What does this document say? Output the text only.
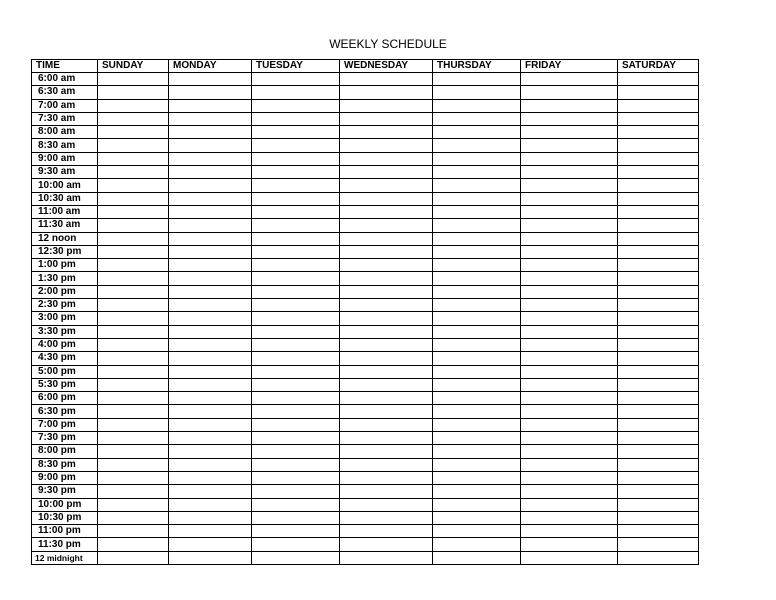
WEEKLY SCHEDULE
TIME	SUNDAY	MONDAY	TUESDAY	WEDNESDAY	THURSDAY	FRIDAY	SATURDAY
6:00 am							
6:30 am							
7:00 am							
7:30 am							
8:00 am							
8:30 am							
9:00 am							
9:30 am							
10:00 am							
10:30 am							
11:00 am							
11:30 am							
12 noon							
12:30 pm							
1:00 pm							
1:30 pm							
2:00 pm							
2:30 pm							
3:00 pm							
3:30 pm							
4:00 pm							
4:30 pm							
5:00 pm							
5:30 pm							
6:00 pm							
6:30 pm							
7:00 pm							
7:30 pm							
8:00 pm							
8:30 pm							
9:00 pm							
9:30 pm							
10:00 pm							
10:30 pm							
11:00 pm							
11:30 pm							
12 midnight							
